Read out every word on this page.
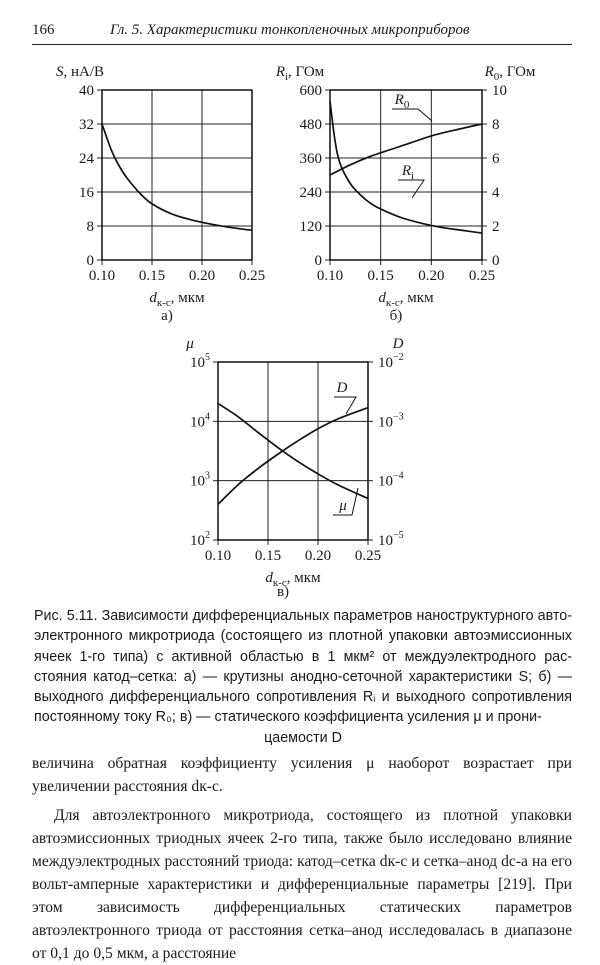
166	Гл. 5. Характеристики тонкопленочных микроприборов
0.10 0.15 0.20 0.25
0
8
16
24
32
40
S, нА/В
$d_{к-с}$, мкм
а)
0.10 0.15 0.20 0.25
0
120
240
360
480
600
0
2
4
6
8
10
$R_i$, ГОм	$R_0$, ГОм
$d_{к-с}$, мкм
б)
0.10 0.15 0.20 0.25
$10^2$
$10^3$
$10^4$
$10^5$
$10^{-5}$
$10^{-4}$
$10^{-3}$
$10^{-2}$
μ	D
$d_{к-с}$, мкм
в)
$R_0$
$R_i$
D
μ
Рис. 5.11. Зависимости дифференциальных параметров наноструктурного авто- электронного микротриода (состоящего из плотной упаковки автоэмиссионных ячеек 1-го типа) с активной областью в 1 мкм² от междуэлектродного рас- стояния катод–сетка: а) — крутизны анодно-сеточной характеристики S; б) — выходного дифференциального сопротивления Rᵢ и выходного сопротивления постоянному току R₀; в) — статического коэффициента усиления μ и прони-
цаемости D

величина обратная коэффициенту усиления μ наоборот возрастает при увеличении расстояния dк-с.

Для автоэлектронного микротриода, состоящего из плотной упаковки автоэмиссионных триодных ячеек 2-го типа, также было исследовано влияние междуэлектродных расстояний триода: катод–сетка dк-с и сетка–анод dс-а на его вольт-амперные характеристики и дифференциальные параметры [219]. При этом зависимость дифференциальных статических параметров автоэлектронного триода от расстояния сетка–анод исследовалась в диапазоне от 0,1 до 0,5 мкм, а расстояние
